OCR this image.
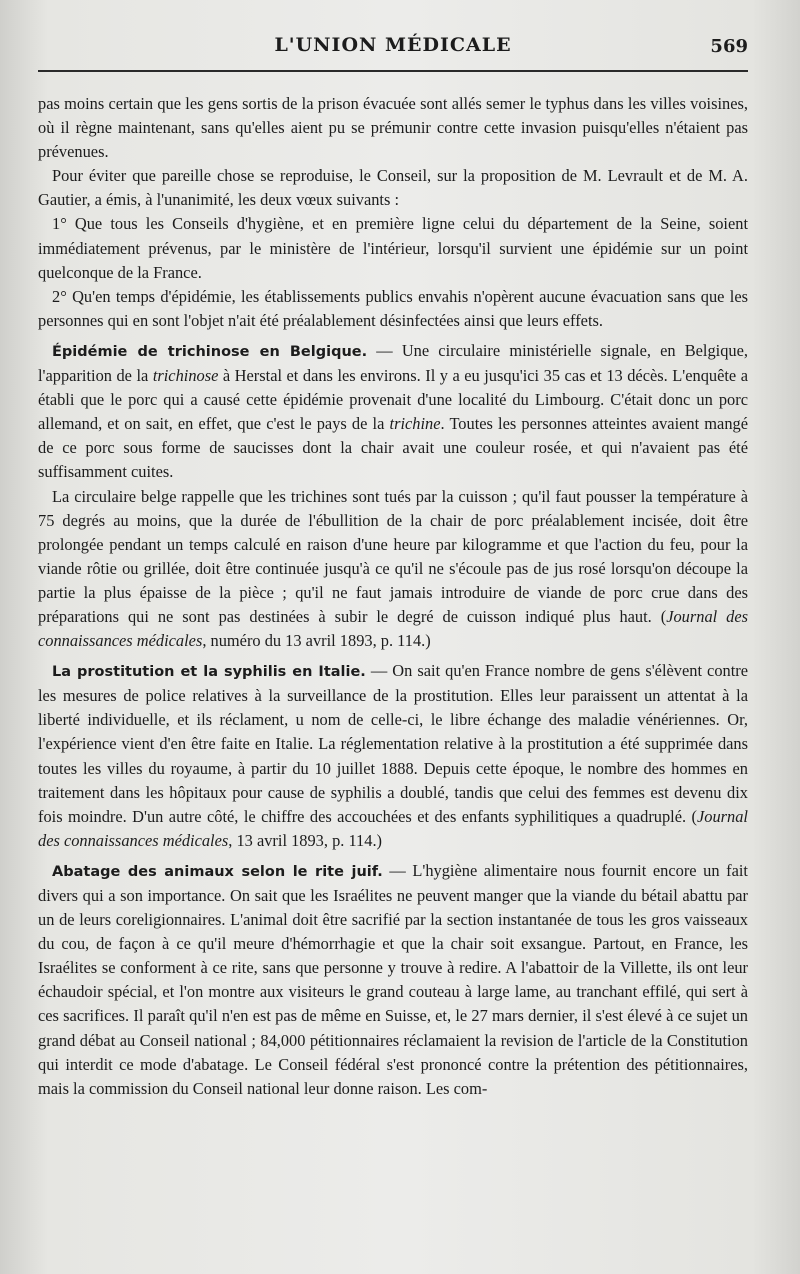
L'UNION MÉDICALE	569

pas moins certain que les gens sortis de la prison évacuée sont allés semer le typhus dans les villes voisines, où il règne maintenant, sans qu'elles aient pu se prémunir contre cette invasion puisqu'elles n'étaient pas prévenues.

Pour éviter que pareille chose se reproduise, le Conseil, sur la proposition de M. Levrault et de M. A. Gautier, a émis, à l'unanimité, les deux vœux suivants :

1° Que tous les Conseils d'hygiène, et en première ligne celui du département de la Seine, soient immédiatement prévenus, par le ministère de l'intérieur, lorsqu'il survient une épidémie sur un point quelconque de la France.

2° Qu'en temps d'épidémie, les établissements publics envahis n'opèrent aucune évacuation sans que les personnes qui en sont l'objet n'ait été préalablement désinfectées ainsi que leurs effets.

Épidémie de trichinose en Belgique. — Une circulaire ministérielle signale, en Belgique, l'apparition de la trichinose à Herstal et dans les environs. Il y a eu jusqu'ici 35 cas et 13 décès. L'enquête a établi que le porc qui a causé cette épidémie provenait d'une localité du Limbourg. C'était donc un porc allemand, et on sait, en effet, que c'est le pays de la trichine. Toutes les personnes atteintes avaient mangé de ce porc sous forme de saucisses dont la chair avait une couleur rosée, et qui n'avaient pas été suffisamment cuites.

La circulaire belge rappelle que les trichines sont tués par la cuisson ; qu'il faut pousser la température à 75 degrés au moins, que la durée de l'ébullition de la chair de porc préalablement incisée, doit être prolongée pendant un temps calculé en raison d'une heure par kilogramme et que l'action du feu, pour la viande rôtie ou grillée, doit être continuée jusqu'à ce qu'il ne s'écoule pas de jus rosé lorsqu'on découpe la partie la plus épaisse de la pièce ; qu'il ne faut jamais introduire de viande de porc crue dans des préparations qui ne sont pas destinées à subir le degré de cuisson indiqué plus haut. (Journal des connaissances médicales, numéro du 13 avril 1893, p. 114.)

La prostitution et la syphilis en Italie. — On sait qu'en France nombre de gens s'élèvent contre les mesures de police relatives à la surveillance de la prostitution. Elles leur paraissent un attentat à la liberté individuelle, et ils réclament, u nom de celle-ci, le libre échange des maladie vénériennes. Or, l'expérience vient d'en être faite en Italie. La réglementation relative à la prostitution a été supprimée dans toutes les villes du royaume, à partir du 10 juillet 1888. Depuis cette époque, le nombre des hommes en traitement dans les hôpitaux pour cause de syphilis a doublé, tandis que celui des femmes est devenu dix fois moindre. D'un autre côté, le chiffre des accouchées et des enfants syphilitiques a quadruplé. (Journal des connaissances médicales, 13 avril 1893, p. 114.)

Abatage des animaux selon le rite juif. — L'hygiène alimentaire nous fournit encore un fait divers qui a son importance. On sait que les Israélites ne peuvent manger que la viande du bétail abattu par un de leurs coreligionnaires. L'animal doit être sacrifié par la section instantanée de tous les gros vaisseaux du cou, de façon à ce qu'il meure d'hémorrhagie et que la chair soit exsangue. Partout, en France, les Israélites se conforment à ce rite, sans que personne y trouve à redire. A l'abattoir de la Villette, ils ont leur échaudoir spécial, et l'on montre aux visiteurs le grand couteau à large lame, au tranchant effilé, qui sert à ces sacrifices. Il paraît qu'il n'en est pas de même en Suisse, et, le 27 mars dernier, il s'est élevé à ce sujet un grand débat au Conseil national ; 84,000 pétitionnaires réclamaient la revision de l'article de la Constitution qui interdit ce mode d'abatage. Le Conseil fédéral s'est prononcé contre la prétention des pétitionnaires, mais la commission du Conseil national leur donne raison. Les com-
